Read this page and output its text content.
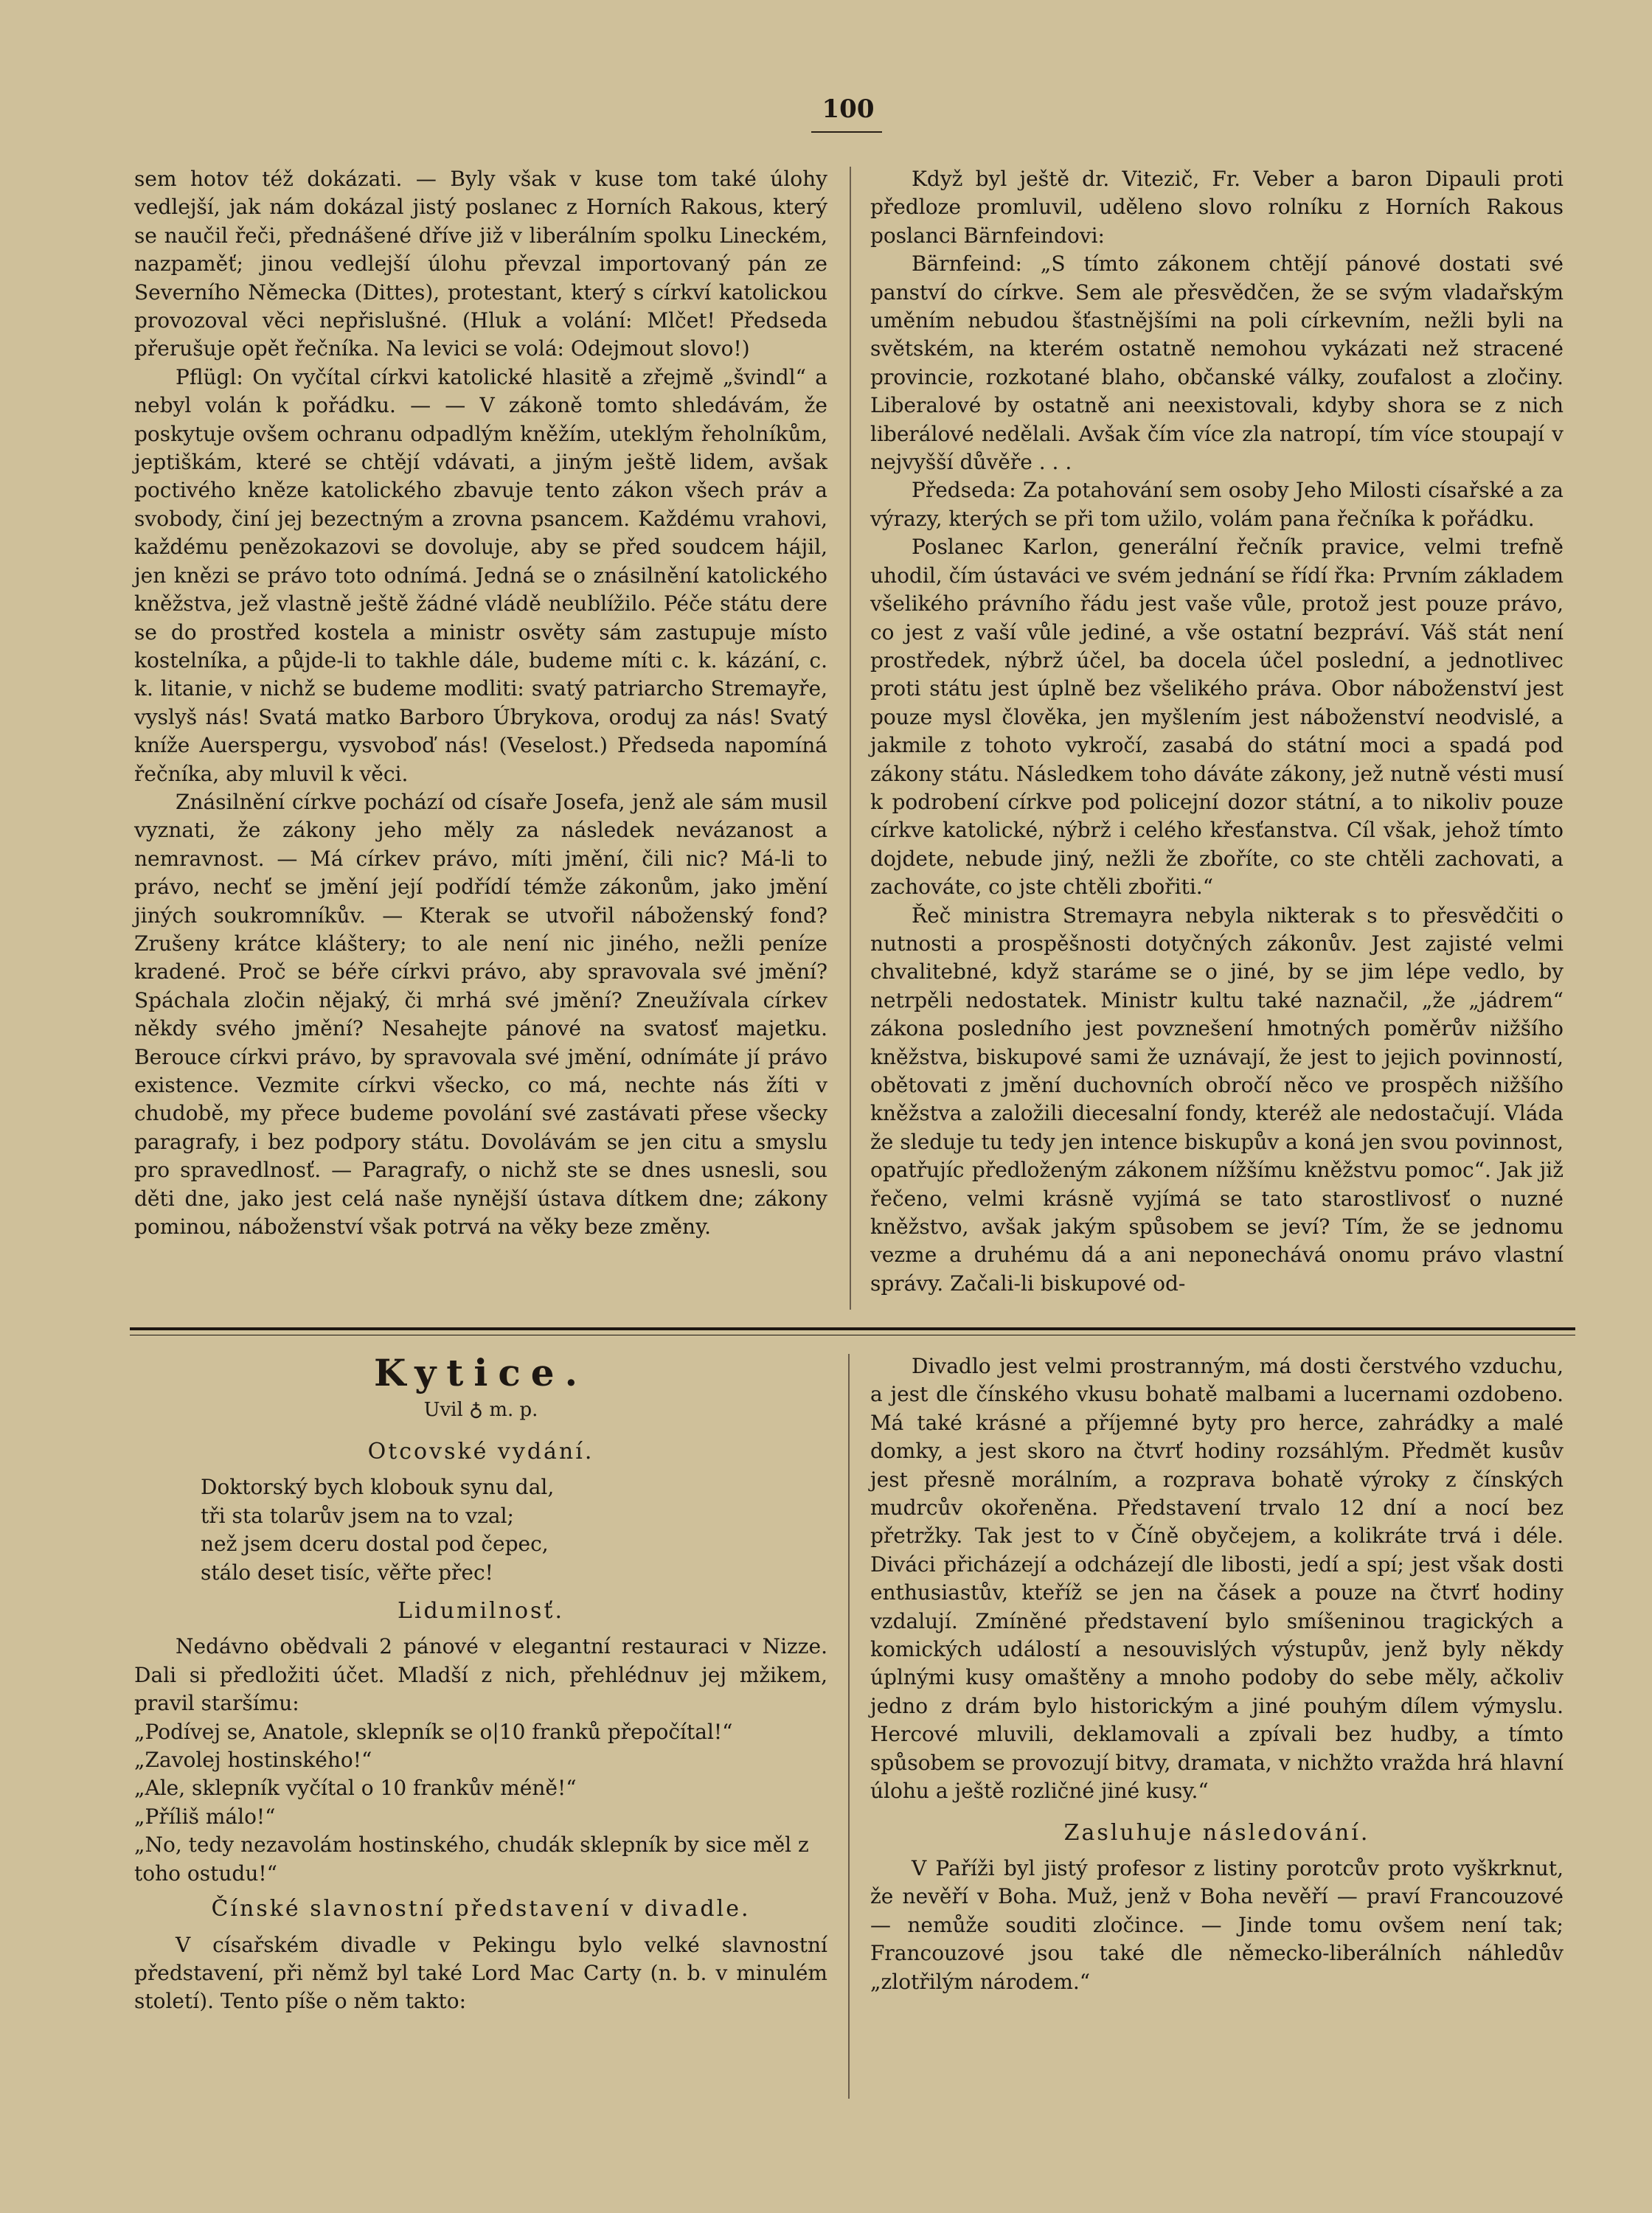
100

sem hotov též dokázati. — Byly však v kuse tom také úlohy vedlejší, jak nám dokázal jistý poslanec z Horních Rakous, který se naučil řeči, přednášené dříve již v liberálním spolku Lineckém, nazpaměť; jinou vedlejší úlohu převzal importovaný pán ze Severního Německa (Dittes), protestant, který s církví katolickou provozoval věci nepřislušné. (Hluk a volání: Mlčet! Předseda přerušuje opět řečníka. Na levici se volá: Odejmout slovo!)

Pflügl: On vyčítal církvi katolické hlasitě a zřejmě „švindl“ a nebyl volán k pořádku. — — V zákoně tomto shledávám, že poskytuje ovšem ochranu odpadlým kněžím, uteklým řeholníkům, jeptiškám, které se chtějí vdávati, a jiným ještě lidem, avšak poctivého kněze katolického zbavuje tento zákon všech práv a svobody, činí jej bezectným a zrovna psancem. Každému vrahovi, každému penězokazovi se dovoluje, aby se před soudcem hájil, jen knězi se právo toto odnímá. Jedná se o znásilnění katolického kněžstva, jež vlastně ještě žádné vládě neublížilo. Péče státu dere se do prostřed kostela a ministr osvěty sám zastupuje místo kostelníka, a půjde-li to takhle dále, budeme míti c. k. kázání, c. k. litanie, v nichž se budeme modliti: svatý patriarcho Stremayře, vyslyš nás! Svatá matko Barboro Úbrykova, oroduj za nás! Svatý kníže Auerspergu, vysvoboď nás! (Veselost.) Předseda napomíná řečníka, aby mluvil k věci.

Znásilnění církve pochází od císaře Josefa, jenž ale sám musil vyznati, že zákony jeho měly za následek nevázanost a nemravnost. — Má církev právo, míti jmění, čili nic? Má-li to právo, nechť se jmění její podřídí témže zákonům, jako jmění jiných soukromníkův. — Kterak se utvořil náboženský fond? Zrušeny krátce kláštery; to ale není nic jiného, nežli peníze kradené. Proč se béře církvi právo, aby spravovala své jmění? Spáchala zločin nějaký, či mrhá své jmění? Zneužívala církev někdy svého jmění? Nesahejte pánové na svatosť majetku. Berouce církvi právo, by spravovala své jmění, odnímáte jí právo existence. Vezmite církvi všecko, co má, nechte nás žíti v chudobě, my přece budeme povolání své zastávati přese všecky paragrafy, i bez podpory státu. Dovolávám se jen citu a smyslu pro spravedlnosť. — Paragrafy, o nichž ste se dnes usnesli, sou děti dne, jako jest celá naše nynější ústava dítkem dne; zákony pominou, náboženství však potrvá na věky beze změny.

Když byl ještě dr. Vitezič, Fr. Veber a baron Dipauli proti předloze promluvil, uděleno slovo rolníku z Horních Rakous poslanci Bärnfeindovi:

Bärnfeind: „S tímto zákonem chtějí pánové dostati své panství do církve. Sem ale přesvědčen, že se svým vladařským uměním nebudou šťastnějšími na poli církevním, nežli byli na světském, na kterém ostatně nemohou vykázati než stracené provincie, rozkotané blaho, občanské války, zoufalost a zločiny. Liberalové by ostatně ani neexistovali, kdyby shora se z nich liberálové nedělali. Avšak čím více zla natropí, tím více stoupají v nejvyšší důvěře . . .

Předseda: Za potahování sem osoby Jeho Milosti císařské a za výrazy, kterých se při tom užilo, volám pana řečníka k pořádku.

Poslanec Karlon, generální řečník pravice, velmi trefně uhodil, čím ústaváci ve svém jednání se řídí řka: Prvním základem všelikého právního řádu jest vaše vůle, protož jest pouze právo, co jest z vaší vůle jediné, a vše ostatní bezpráví. Váš stát není prostředek, nýbrž účel, ba docela účel poslední, a jednotlivec proti státu jest úplně bez všelikého práva. Obor náboženství jest pouze mysl člověka, jen myšlením jest náboženství neodvislé, a jakmile z tohoto vykročí, zasabá do státní moci a spadá pod zákony státu. Následkem toho dáváte zákony, jež nutně vésti musí k podrobení církve pod policejní dozor státní, a to nikoliv pouze církve katolické, nýbrž i celého křesťanstva. Cíl však, jehož tímto dojdete, nebude jiný, nežli že zboříte, co ste chtěli zachovati, a zachováte, co jste chtěli zbořiti.“

Řeč ministra Stremayra nebyla nikterak s to přesvědčiti o nutnosti a prospěšnosti dotyčných zákonův. Jest zajisté velmi chvalitebné, když staráme se o jiné, by se jim lépe vedlo, by netrpěli nedostatek. Ministr kultu také naznačil, „že „jádrem“ zákona posledního jest povznešení hmotných poměrův nižšího kněžstva, biskupové sami že uznávají, že jest to jejich povinností, obětovati z jmění duchovních obročí něco ve prospěch nižšího kněžstva a založili diecesalní fondy, kteréž ale nedostačují. Vláda že sleduje tu tedy jen intence biskupův a koná jen svou povinnost, opatřujíc předloženým zákonem nížšímu kněžstvu pomoc“. Jak již řečeno, velmi krásně vyjímá se tato starostlivosť o nuzné kněžstvo, avšak jakým spůsobem se jeví? Tím, že se jednomu vezme a druhému dá a ani neponechává onomu právo vlastní správy. Začali-li biskupové od-

Kytice.
Uvil ♁ m. p.
Otcovské vydání.
Doktorský bych klobouk synu dal,
tři sta tolarův jsem na to vzal;
než jsem dceru dostal pod čepec,
stálo deset tisíc, věřte přec!
Lidumilnosť.

Nedávno obědvali 2 pánové v elegantní restauraci v Nizze. Dali si předložiti účet. Mladší z nich, přehlédnuv jej mžikem, pravil staršímu:

„Podívej se, Anatole, sklepník se o|10 franků přepočítal!“

„Zavolej hostinského!“

„Ale, sklepník vyčítal o 10 frankův méně!“

„Příliš málo!“

„No, tedy nezavolám hostinského, chudák sklepník by sice měl z toho ostudu!“

Čínské slavnostní představení v divadle.

V císařském divadle v Pekingu bylo velké slavnostní představení, při němž byl také Lord Mac Carty (n. b. v minulém století). Tento píše o něm takto:

Divadlo jest velmi prostranným, má dosti čerstvého vzduchu, a jest dle čínského vkusu bohatě malbami a lucernami ozdobeno. Má také krásné a příjemné byty pro herce, zahrádky a malé domky, a jest skoro na čtvrť hodiny rozsáhlým. Předmět kusův jest přesně morálním, a rozprava bohatě výroky z čínských mudrcův okořeněna. Představení trvalo 12 dní a nocí bez přetržky. Tak jest to v Číně obyčejem, a kolikráte trvá i déle. Diváci přicházejí a odcházejí dle libosti, jedí a spí; jest však dosti enthusiastův, kteříž se jen na čásek a pouze na čtvrť hodiny vzdalují. Zmíněné představení bylo smíšeninou tragických a komických událostí a nesouvislých výstupův, jenž byly někdy úplnými kusy omaštěny a mnoho podoby do sebe měly, ačkoliv jedno z drám bylo historickým a jiné pouhým dílem výmyslu. Hercové mluvili, deklamovali a zpívali bez hudby, a tímto spůsobem se provozují bitvy, dramata, v nichžto vražda hrá hlavní úlohu a ještě rozličné jiné kusy.“

Zasluhuje následování.

V Paříži byl jistý profesor z listiny porotcův proto vyškrknut, že nevěří v Boha. Muž, jenž v Boha nevěří — praví Francouzové — nemůže souditi zločince. — Jinde tomu ovšem není tak; Francouzové jsou také dle německo-liberálních náhledův „zlotřilým národem.“
